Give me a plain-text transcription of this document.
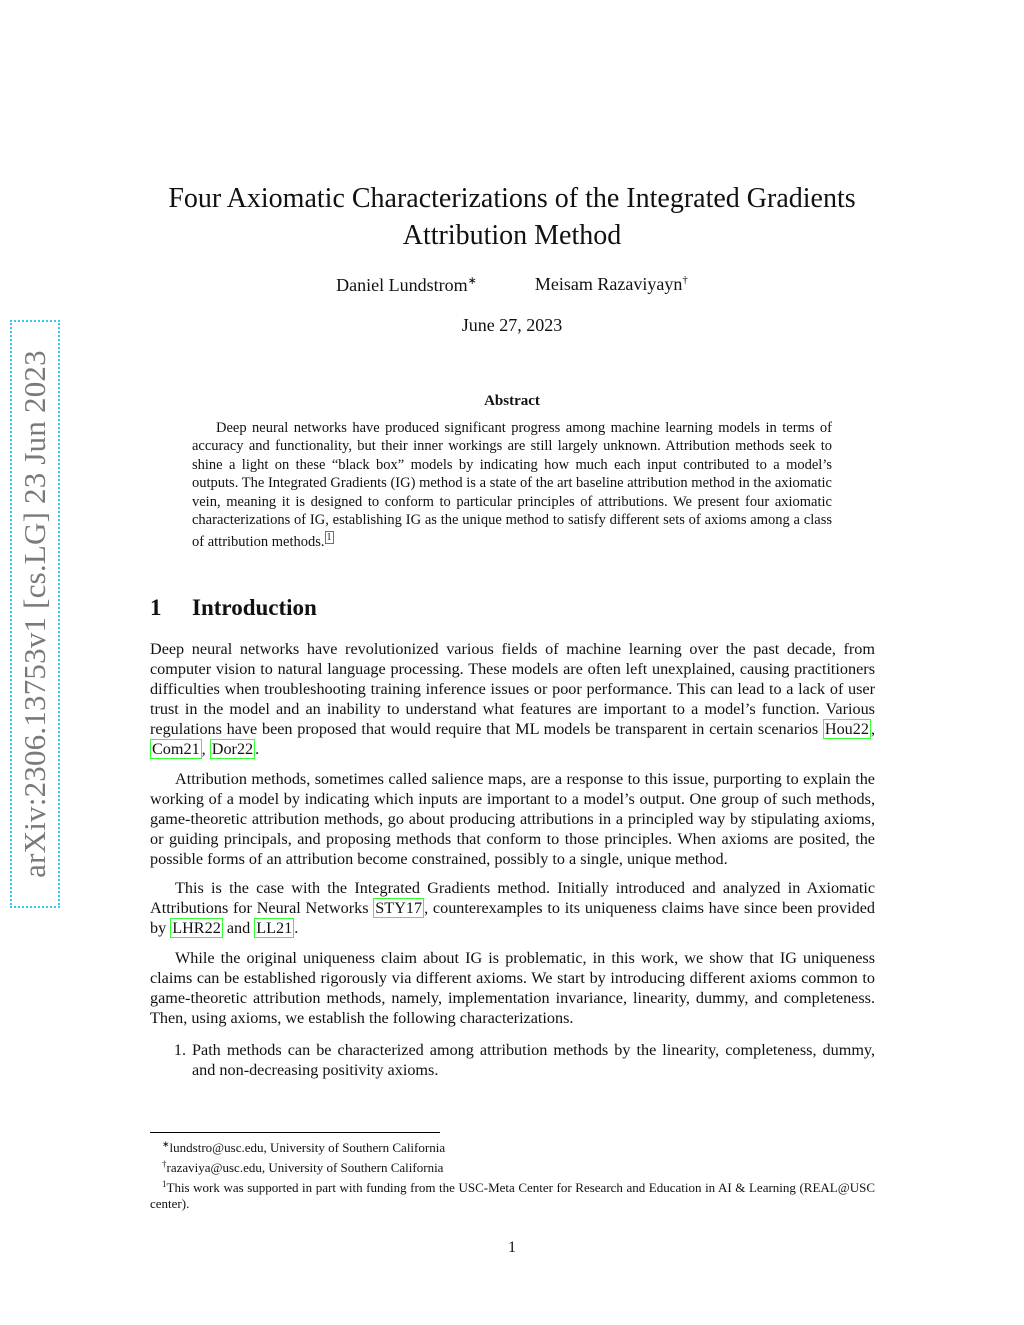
arXiv:2306.13753v1 [cs.LG] 23 Jun 2023
Four Axiomatic Characterizations of the Integrated Gradients Attribution Method
Daniel Lundstrom∗	Meisam Razaviyayn†
June 27, 2023
Abstract

Deep neural networks have produced significant progress among machine learning models in terms of accuracy and functionality, but their inner workings are still largely unknown. Attribution methods seek to shine a light on these “black box” models by indicating how much each input contributed to a model’s outputs. The Integrated Gradients (IG) method is a state of the art baseline attribution method in the axiomatic vein, meaning it is designed to conform to particular principles of attributions. We present four axiomatic characterizations of IG, establishing IG as the unique method to satisfy different sets of axioms among a class of attribution methods. $^1$

1 Introduction

Deep neural networks have revolutionized various fields of machine learning over the past decade, from computer vision to natural language processing. These models are often left unexplained, causing practitioners difficulties when troubleshooting training inference issues or poor performance. This can lead to a lack of user trust in the model and an inability to understand what features are important to a model’s function. Various regulations have been proposed that would require that ML models be transparent in certain scenarios Hou22 , Com21 , Dor22 .

Attribution methods, sometimes called salience maps, are a response to this issue, purporting to explain the working of a model by indicating which inputs are important to a model’s output. One group of such methods, game-theoretic attribution methods, go about producing attributions in a principled way by stipulating axioms, or guiding principals, and proposing methods that conform to those principles. When axioms are posited, the possible forms of an attribution become constrained, possibly to a single, unique method.

This is the case with the Integrated Gradients method. Initially introduced and analyzed in Axiomatic Attributions for Neural Networks STY17 , counterexamples to its uniqueness claims have since been provided by LHR22 and LL21 .

While the original uniqueness claim about IG is problematic, in this work, we show that IG uniqueness claims can be established rigorously via different axioms. We start by introducing different axioms common to game-theoretic attribution methods, namely, implementation invariance, linearity, dummy, and completeness. Then, using axioms, we establish the following characterizations.

1. Path methods can be characterized among attribution methods by the linearity, completeness, dummy, and non-decreasing positivity axioms.

∗lundstro@usc.edu, University of Southern California

†razaviya@usc.edu, University of Southern California

$^1$This work was supported in part with funding from the USC-Meta Center for Research and Education in AI & Learning (REAL@USC center).

1
